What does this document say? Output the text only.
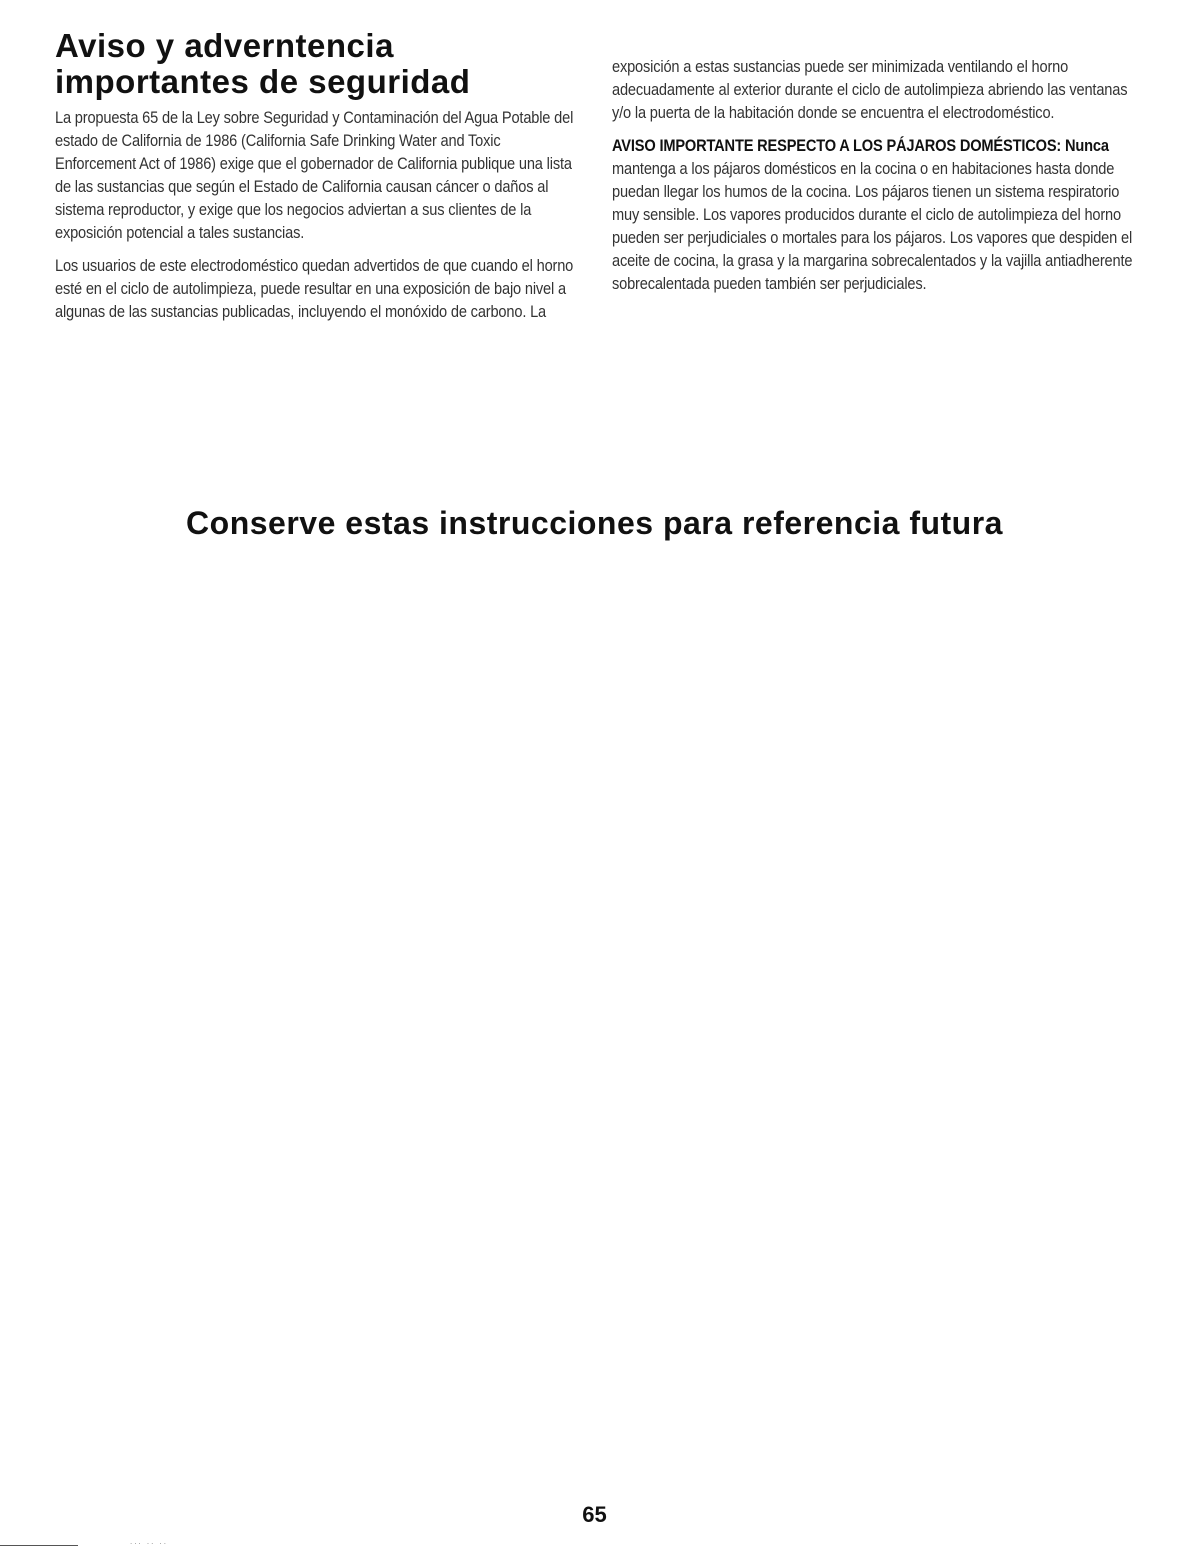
Aviso y adverntencia
importantes de seguridad

La propuesta 65 de la Ley sobre Seguridad y Contaminación del Agua Potable del estado de California de 1986 (California Safe Drinking Water and Toxic Enforcement Act of 1986) exige que el gobernador de California publique una lista de las sustancias que según el Estado de California causan cáncer o daños al sistema reproductor, y exige que los negocios adviertan a sus clientes de la exposición potencial a tales sustancias.

Los usuarios de este electrodoméstico quedan advertidos de que cuando el horno esté en el ciclo de autolimpieza, puede resultar en una exposición de bajo nivel a algunas de las sustancias publicadas, incluyendo el monóxido de carbono. La

exposición a estas sustancias puede ser minimizada ventilando el horno adecuadamente al exterior durante el ciclo de autolimpieza abriendo las ventanas y/o la puerta de la habitación donde se encuentra el electrodoméstico.

AVISO IMPORTANTE RESPECTO A LOS PÁJAROS DOMÉSTICOS: Nunca mantenga a los pájaros domésticos en la cocina o en habitaciones hasta donde puedan llegar los humos de la cocina. Los pájaros tienen un sistema respiratorio muy sensible. Los vapores producidos durante el ciclo de autolimpieza del horno pueden ser perjudiciales o mortales para los pájaros. Los vapores que despiden el aceite de cocina, la grasa y la margarina sobrecalentados y la vajilla antiadherente sobrecalentada pueden también ser perjudiciales.

Conserve estas instrucciones para referencia futura
65
... .. ..
